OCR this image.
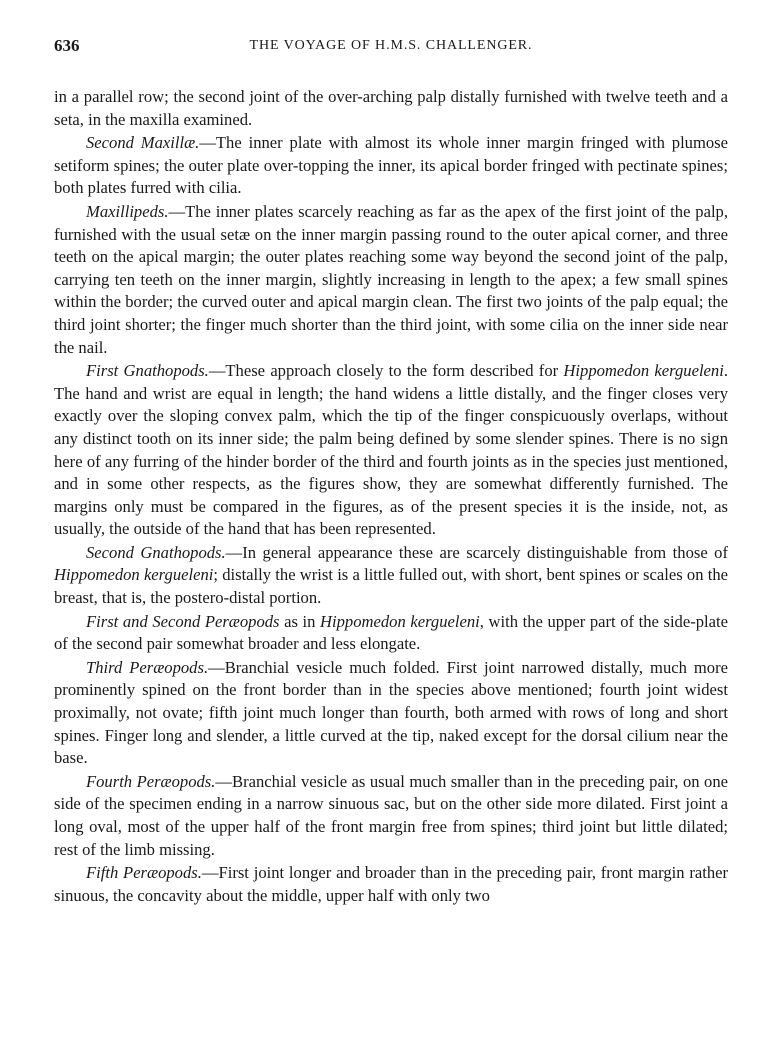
636	THE VOYAGE OF H.M.S. CHALLENGER.

in a parallel row; the second joint of the over-arching palp distally furnished with twelve teeth and a seta, in the maxilla examined.

Second Maxillæ.—The inner plate with almost its whole inner margin fringed with plumose setiform spines; the outer plate over-topping the inner, its apical border fringed with pectinate spines; both plates furred with cilia.

Maxillipeds.—The inner plates scarcely reaching as far as the apex of the first joint of the palp, furnished with the usual setæ on the inner margin passing round to the outer apical corner, and three teeth on the apical margin; the outer plates reaching some way beyond the second joint of the palp, carrying ten teeth on the inner margin, slightly increasing in length to the apex; a few small spines within the border; the curved outer and apical margin clean. The first two joints of the palp equal; the third joint shorter; the finger much shorter than the third joint, with some cilia on the inner side near the nail.

First Gnathopods.—These approach closely to the form described for Hippomedon kergueleni. The hand and wrist are equal in length; the hand widens a little distally, and the finger closes very exactly over the sloping convex palm, which the tip of the finger conspicuously overlaps, without any distinct tooth on its inner side; the palm being defined by some slender spines. There is no sign here of any furring of the hinder border of the third and fourth joints as in the species just mentioned, and in some other respects, as the figures show, they are somewhat differently furnished. The margins only must be compared in the figures, as of the present species it is the inside, not, as usually, the outside of the hand that has been represented.

Second Gnathopods.—In general appearance these are scarcely distinguishable from those of Hippomedon kergueleni; distally the wrist is a little fulled out, with short, bent spines or scales on the breast, that is, the postero-distal portion.

First and Second Peræopods as in Hippomedon kergueleni, with the upper part of the side-plate of the second pair somewhat broader and less elongate.

Third Peræopods.—Branchial vesicle much folded. First joint narrowed distally, much more prominently spined on the front border than in the species above mentioned; fourth joint widest proximally, not ovate; fifth joint much longer than fourth, both armed with rows of long and short spines. Finger long and slender, a little curved at the tip, naked except for the dorsal cilium near the base.

Fourth Peræopods.—Branchial vesicle as usual much smaller than in the preceding pair, on one side of the specimen ending in a narrow sinuous sac, but on the other side more dilated. First joint a long oval, most of the upper half of the front margin free from spines; third joint but little dilated; rest of the limb missing.

Fifth Peræopods.—First joint longer and broader than in the preceding pair, front margin rather sinuous, the concavity about the middle, upper half with only two
